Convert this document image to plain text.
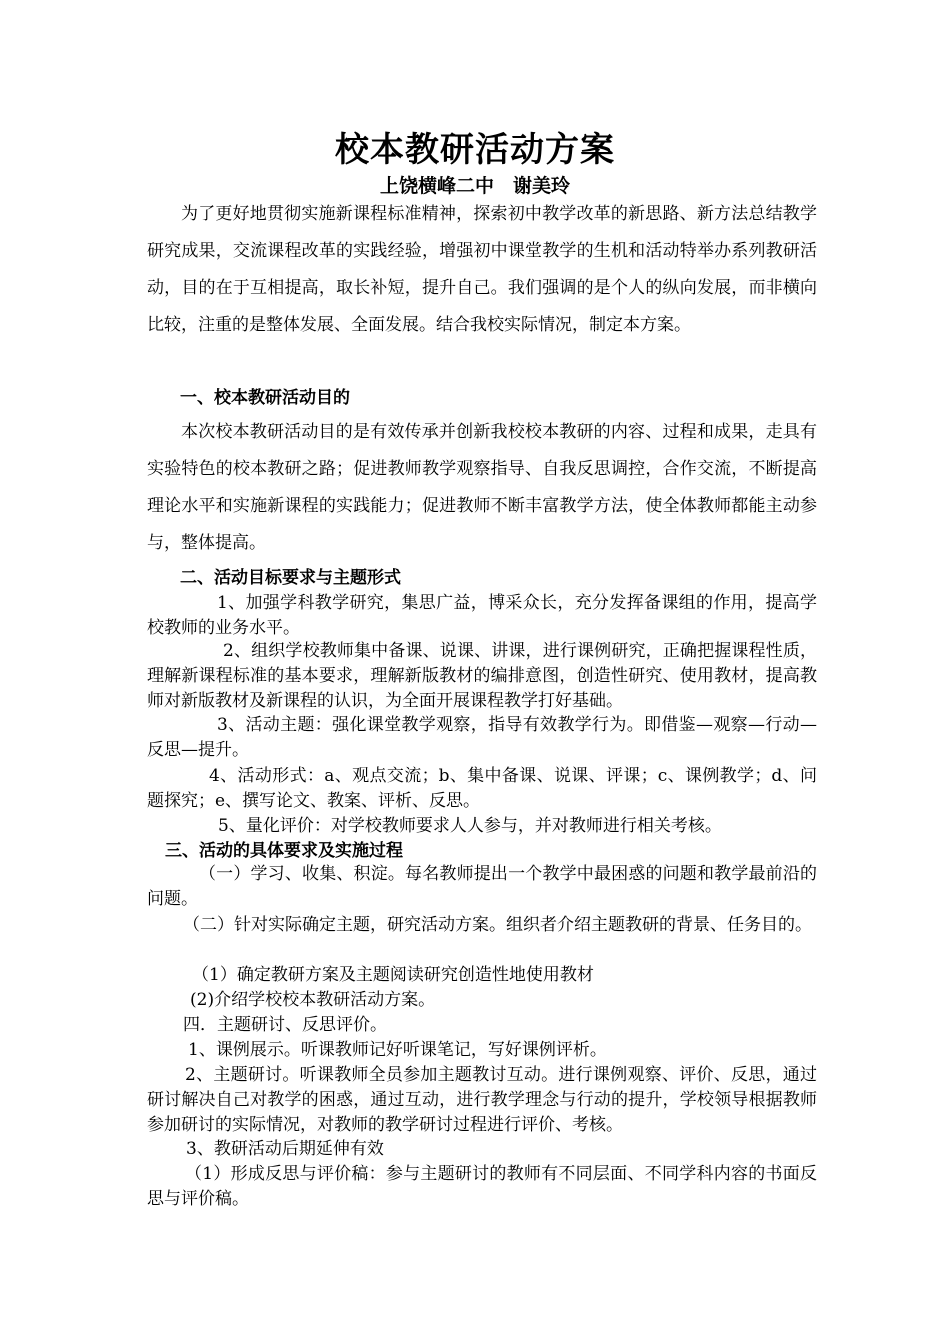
校本教研活动方案
上饶横峰二中　谢美玲

为了更好地贯彻实施新课程标准精神，探索初中教学改革的新思路、新方法总结教学研究成果，交流课程改革的实践经验，增强初中课堂教学的生机和活动特举办系列教研活动，目的在于互相提高，取长补短，提升自己。我们强调的是个人的纵向发展，而非横向比较，注重的是整体发展、全面发展。结合我校实际情况，制定本方案。

一、校本教研活动目的

本次校本教研活动目的是有效传承并创新我校校本教研的内容、过程和成果，走具有实验特色的校本教研之路；促进教师教学观察指导、自我反思调控，合作交流，不断提高理论水平和实施新课程的实践能力；促进教师不断丰富教学方法，使全体教师都能主动参与，整体提高。

二、活动目标要求与主题形式

1、加强学科教学研究，集思广益，博采众长，充分发挥备课组的作用，提高学校教师的业务水平。

2、组织学校教师集中备课、说课、讲课，进行课例研究，正确把握课程性质，理解新课程标准的基本要求，理解新版教材的编排意图，创造性研究、使用教材，提高教师对新版教材及新课程的认识，为全面开展课程教学打好基础。

3、活动主题：强化课堂教学观察，指导有效教学行为。即借鉴—观察—行动—反思—提升。

4、活动形式：a、观点交流；b、集中备课、说课、评课；c、课例教学；d、问题探究；e、撰写论文、教案、评析、反思。

5、量化评价：对学校教师要求人人参与，并对教师进行相关考核。

三、活动的具体要求及实施过程

（一）学习、收集、积淀。每名教师提出一个教学中最困惑的问题和教学最前沿的问题。

（二）针对实际确定主题，研究活动方案。组织者介绍主题教研的背景、任务目的。

（1）确定教研方案及主题阅读研究创造性地使用教材

(2)介绍学校校本教研活动方案。

四．主题研讨、反思评价。

1、课例展示。听课教师记好听课笔记，写好课例评析。

2、主题研讨。听课教师全员参加主题教讨互动。进行课例观察、评价、反思，通过研讨解决自己对教学的困惑，通过互动，进行教学理念与行动的提升，学校领导根据教师参加研讨的实际情况，对教师的教学研讨过程进行评价、考核。

3、教研活动后期延伸有效

（1）形成反思与评价稿：参与主题研讨的教师有不同层面、不同学科内容的书面反思与评价稿。
